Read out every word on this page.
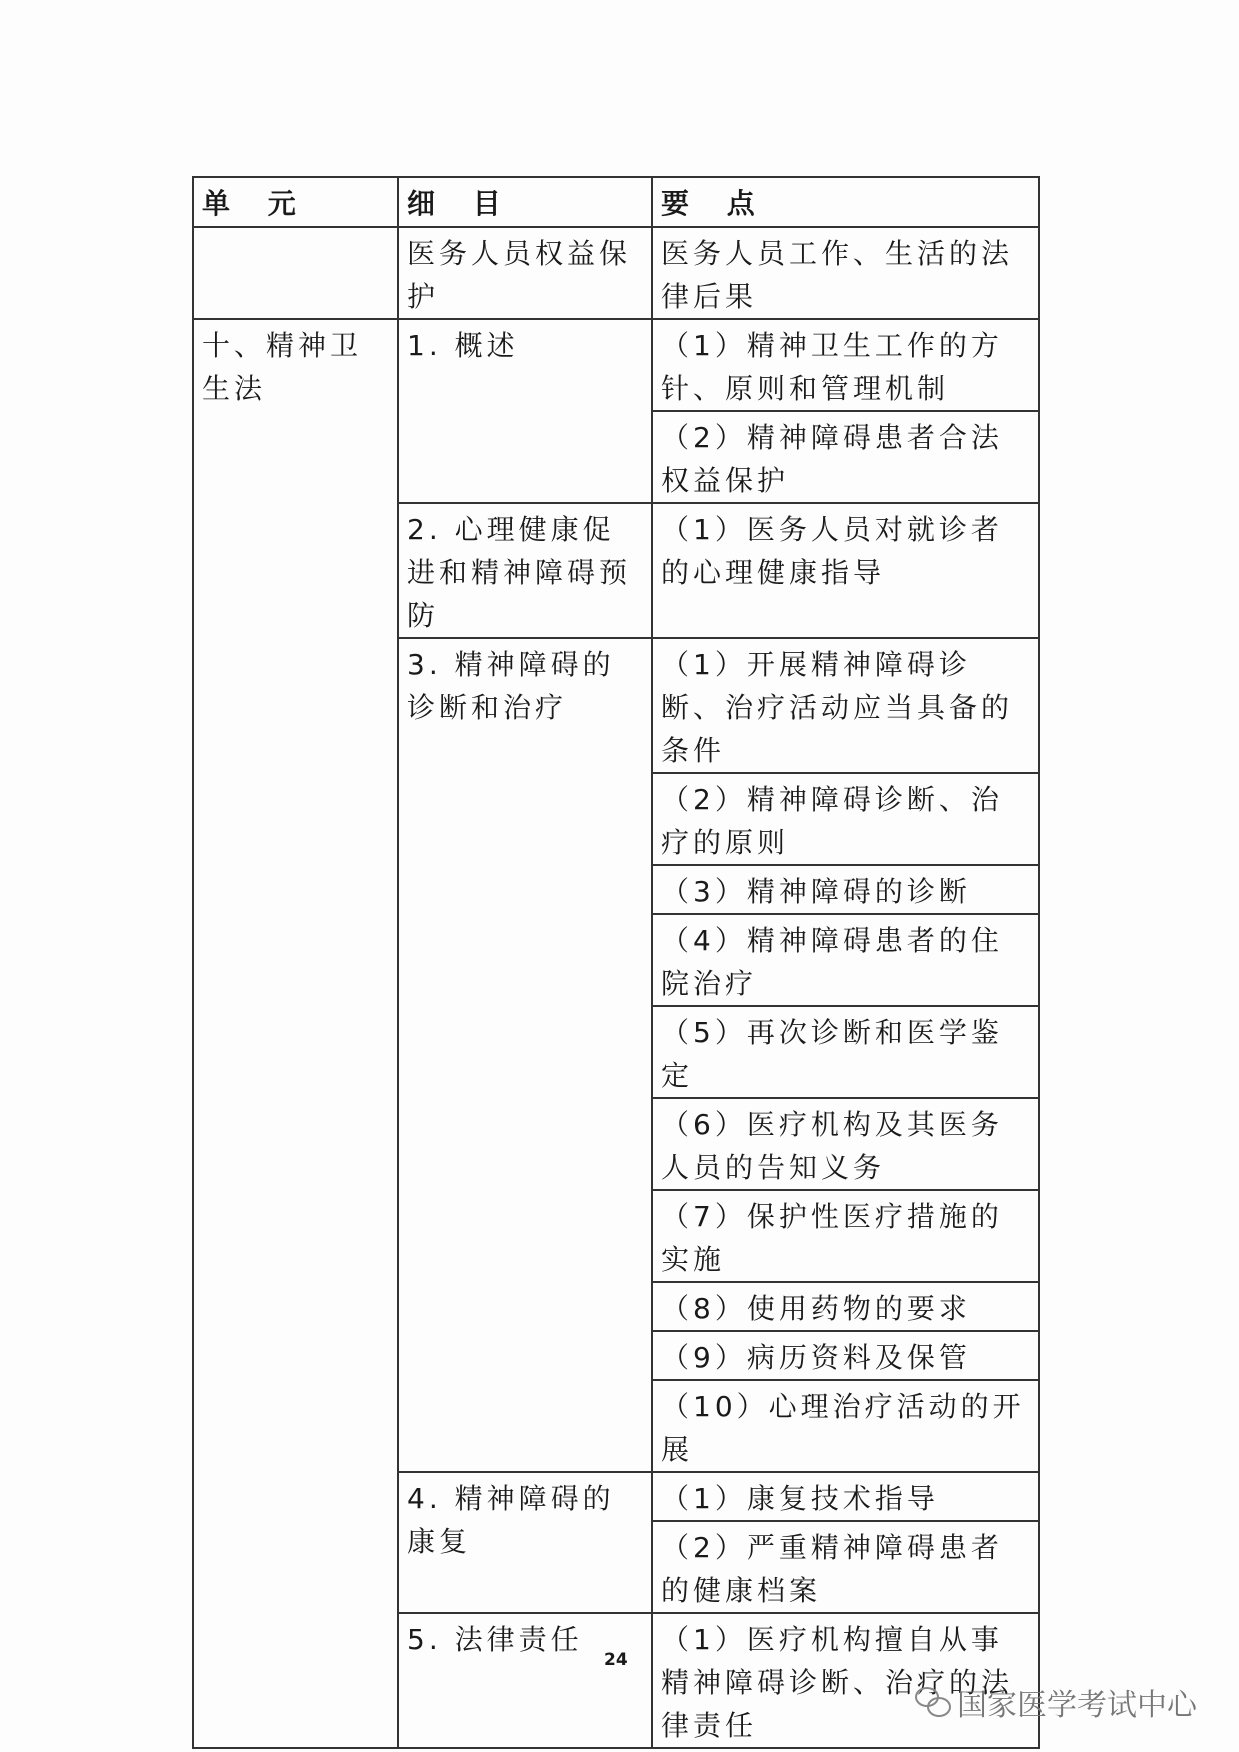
单 元	细 目	要 点
	医务人员权益保护	医务人员工作、生活的法律后果
十、精神卫生法	1. 概述	（1）精神卫生工作的方针、原则和管理机制
		（2）精神障碍患者合法权益保护
	2. 心理健康促进和精神障碍预防	（1）医务人员对就诊者的心理健康指导
	3. 精神障碍的诊断和治疗	（1）开展精神障碍诊断、治疗活动应当具备的条件
		（2）精神障碍诊断、治疗的原则
		（3）精神障碍的诊断
		（4）精神障碍患者的住院治疗
		（5）再次诊断和医学鉴定
		（6）医疗机构及其医务人员的告知义务
		（7）保护性医疗措施的实施
		（8）使用药物的要求
		（9）病历资料及保管
		（10）心理治疗活动的开展
	4. 精神障碍的康复	（1）康复技术指导
		（2）严重精神障碍患者的健康档案
	5. 法律责任	（1）医疗机构擅自从事精神障碍诊断、治疗的法律责任
24
国家医学考试中心
